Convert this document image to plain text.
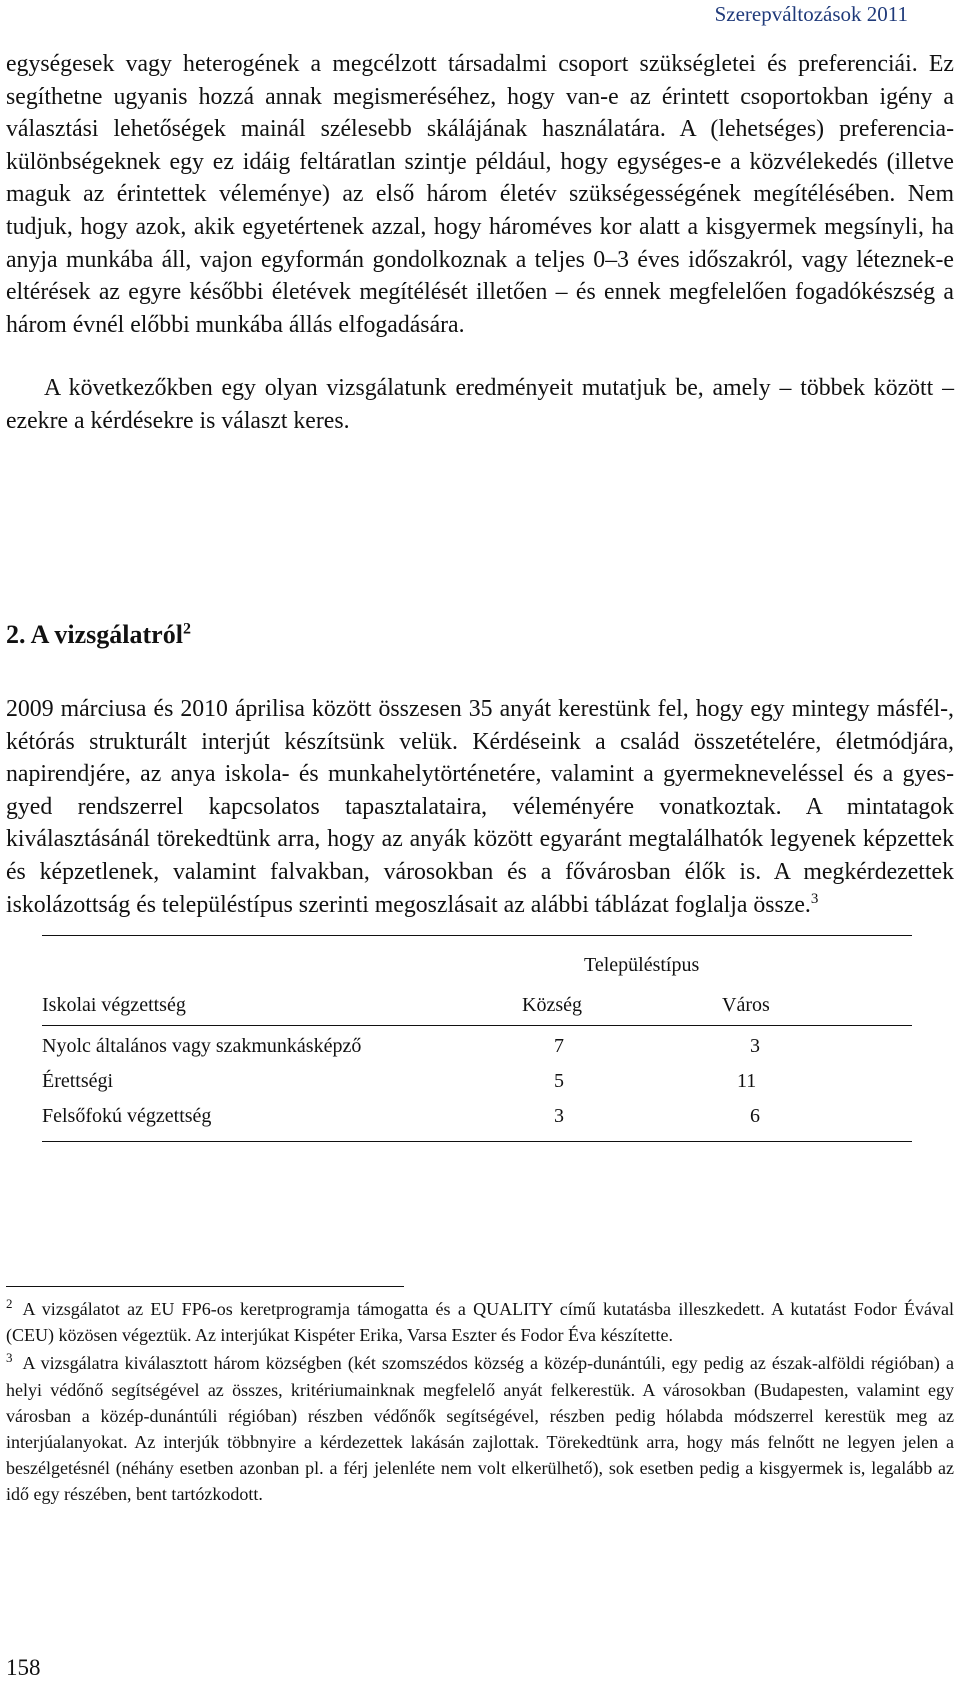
Szerepváltozások 2011

egységesek vagy heterogének a megcélzott társadalmi csoport szükségletei és preferenciái. Ez segíthetne ugyanis hozzá annak megismeréséhez, hogy van-e az érintett csoportokban igény a választási lehetőségek mainál szélesebb skálájának használatára. A (lehetséges) preferencia-különbségeknek egy ez idáig feltáratlan szintje például, hogy egységes-e a közvélekedés (illetve maguk az érintettek véleménye) az első három életév szükségességének megítélésében. Nem tudjuk, hogy azok, akik egyetértenek azzal, hogy hároméves kor alatt a kisgyermek megsínyli, ha anyja munkába áll, vajon egyformán gondolkoznak a teljes 0–3 éves időszakról, vagy léteznek-e eltérések az egyre későbbi életévek megítélését illetően – és ennek megfelelően fogadókészség a három évnél előbbi munkába állás elfogadására.

A következőkben egy olyan vizsgálatunk eredményeit mutatjuk be, amely – többek között – ezekre a kérdésekre is választ keres.

2. A vizsgálatról$^2$

2009 márciusa és 2010 áprilisa között összesen 35 anyát kerestünk fel, hogy egy mintegy másfél-, kétórás strukturált interjút készítsünk velük. Kérdéseink a család összetételére, életmódjára, napirendjére, az anya iskola- és munkahelytörténetére, valamint a gyermekneveléssel és a gyes-gyed rendszerrel kapcsolatos tapasztalataira, véleményére vonatkoztak. A mintatagok kiválasztásánál törekedtünk arra, hogy az anyák között egyaránt megtalálhatók legyenek képzettek és képzetlenek, valamint falvakban, városokban és a fővárosban élők is. A megkérdezettek iskolázottság és településtípus szerinti megoszlásait az alábbi táblázat foglalja össze.$^3$

Településtípus
Iskolai végzettség	Község	Város
Nyolc általános vagy szakmunkásképző	7	3
Érettségi	5	11
Felsőfokú végzettség	3	6

$^2$ A vizsgálatot az EU FP6-os keretprogramja támogatta és a QUALITY című kutatásba illeszkedett. A kutatást Fodor Évával (CEU) közösen végeztük. Az interjúkat Kispéter Erika, Varsa Eszter és Fodor Éva készítette.

$^3$ A vizsgálatra kiválasztott három községben (két szomszédos község a közép-dunántúli, egy pedig az észak-alföldi régióban) a helyi védőnő segítségével az összes, kritériumainknak megfelelő anyát felkerestük. A városokban (Budapesten, valamint egy városban a közép-dunántúli régióban) részben védőnők segítségével, részben pedig hólabda módszerrel kerestük meg az interjúalanyokat. Az interjúk többnyire a kérdezettek lakásán zajlottak. Törekedtünk arra, hogy más felnőtt ne legyen jelen a beszélgetésnél (néhány esetben azonban pl. a férj jelenléte nem volt elkerülhető), sok esetben pedig a kisgyermek is, legalább az idő egy részében, bent tartózkodott.

158
